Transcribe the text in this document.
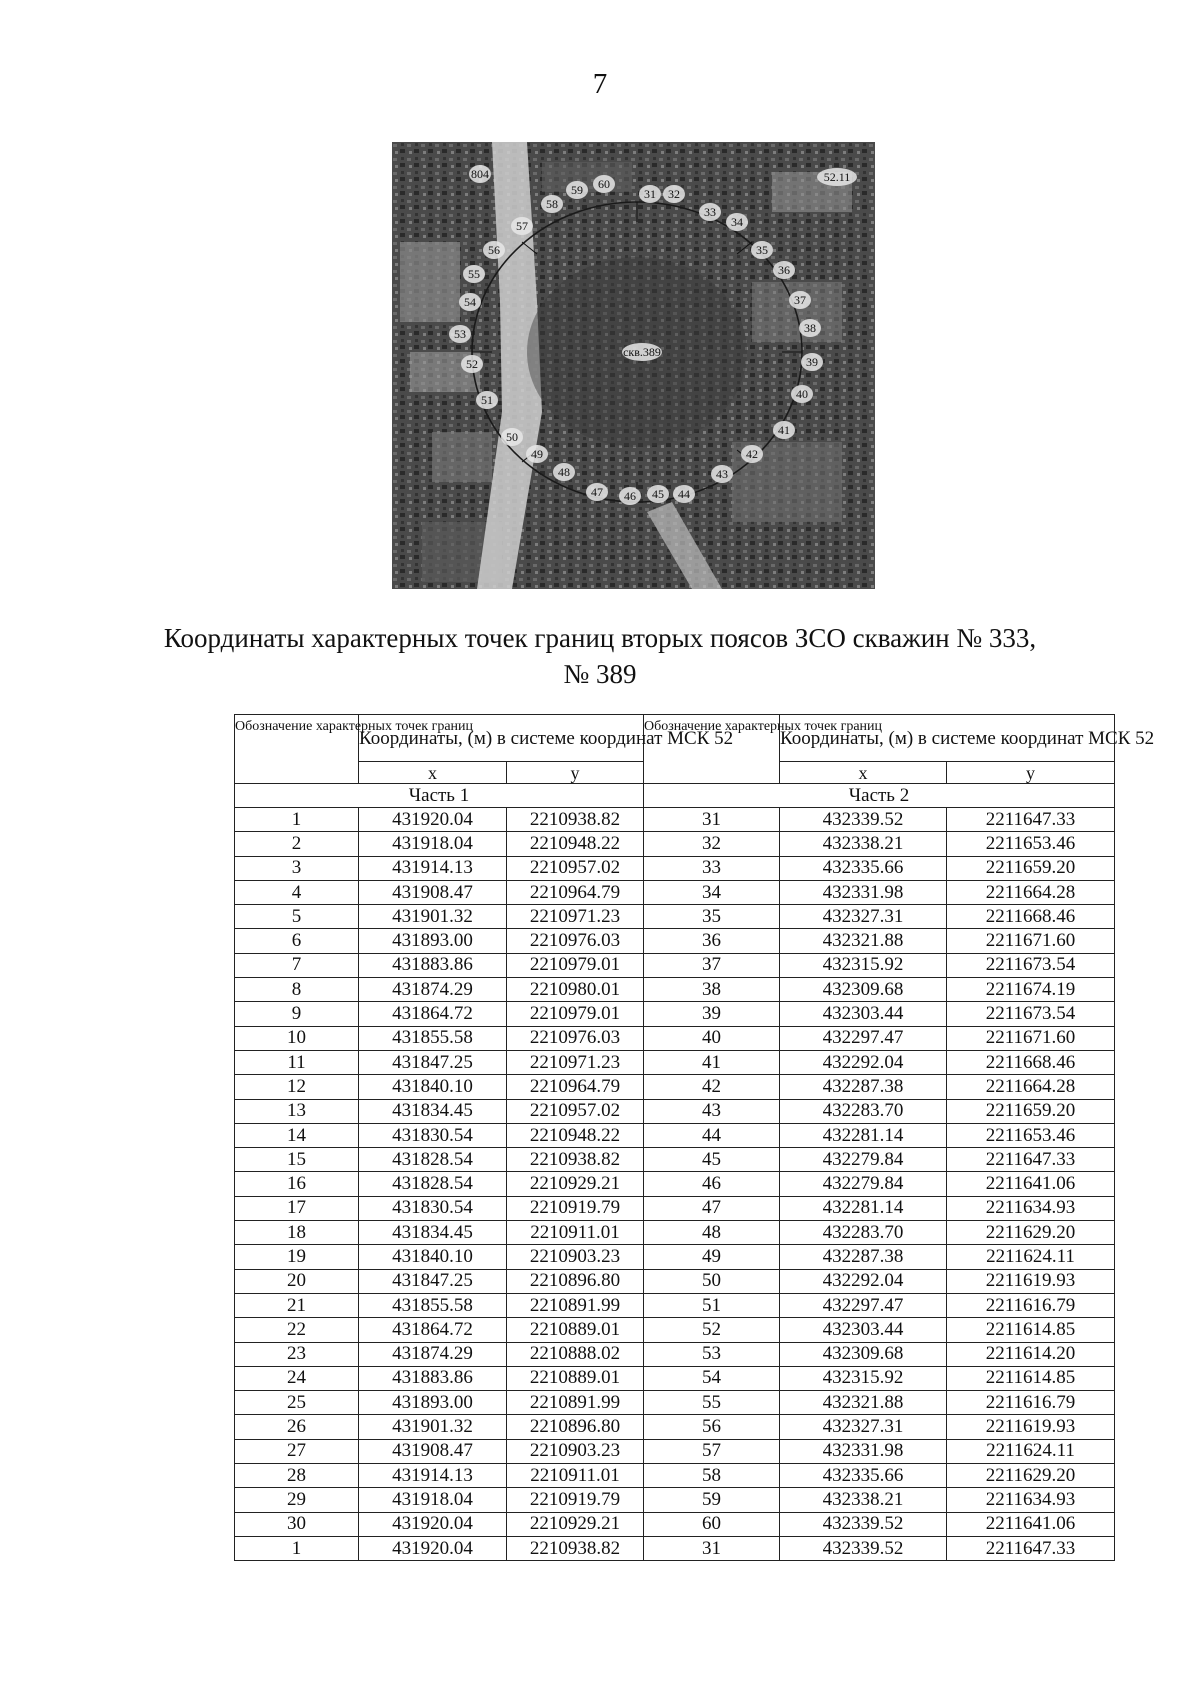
7
804
58
59 60
31 32
33
34
35
36
37
38
39
40
41
42
43
44
45
46
47
48
49
50
51
52
53
54
55
56
57
52.11
скв.389
Координаты характерных точек границ вторых поясов ЗСО скважин № 333,
№ 389
Обозначение характерных точек границ	Координаты, (м) в системе координат МСК 52		Обозначение характерных точек границ	Координаты, (м) в системе координат МСК 52	
	x	y		x	y
Часть 1			Часть 2		
1	431920.04	2210938.82	31	432339.52	2211647.33
2	431918.04	2210948.22	32	432338.21	2211653.46
3	431914.13	2210957.02	33	432335.66	2211659.20
4	431908.47	2210964.79	34	432331.98	2211664.28
5	431901.32	2210971.23	35	432327.31	2211668.46
6	431893.00	2210976.03	36	432321.88	2211671.60
7	431883.86	2210979.01	37	432315.92	2211673.54
8	431874.29	2210980.01	38	432309.68	2211674.19
9	431864.72	2210979.01	39	432303.44	2211673.54
10	431855.58	2210976.03	40	432297.47	2211671.60
11	431847.25	2210971.23	41	432292.04	2211668.46
12	431840.10	2210964.79	42	432287.38	2211664.28
13	431834.45	2210957.02	43	432283.70	2211659.20
14	431830.54	2210948.22	44	432281.14	2211653.46
15	431828.54	2210938.82	45	432279.84	2211647.33
16	431828.54	2210929.21	46	432279.84	2211641.06
17	431830.54	2210919.79	47	432281.14	2211634.93
18	431834.45	2210911.01	48	432283.70	2211629.20
19	431840.10	2210903.23	49	432287.38	2211624.11
20	431847.25	2210896.80	50	432292.04	2211619.93
21	431855.58	2210891.99	51	432297.47	2211616.79
22	431864.72	2210889.01	52	432303.44	2211614.85
23	431874.29	2210888.02	53	432309.68	2211614.20
24	431883.86	2210889.01	54	432315.92	2211614.85
25	431893.00	2210891.99	55	432321.88	2211616.79
26	431901.32	2210896.80	56	432327.31	2211619.93
27	431908.47	2210903.23	57	432331.98	2211624.11
28	431914.13	2210911.01	58	432335.66	2211629.20
29	431918.04	2210919.79	59	432338.21	2211634.93
30	431920.04	2210929.21	60	432339.52	2211641.06
1	431920.04	2210938.82	31	432339.52	2211647.33
